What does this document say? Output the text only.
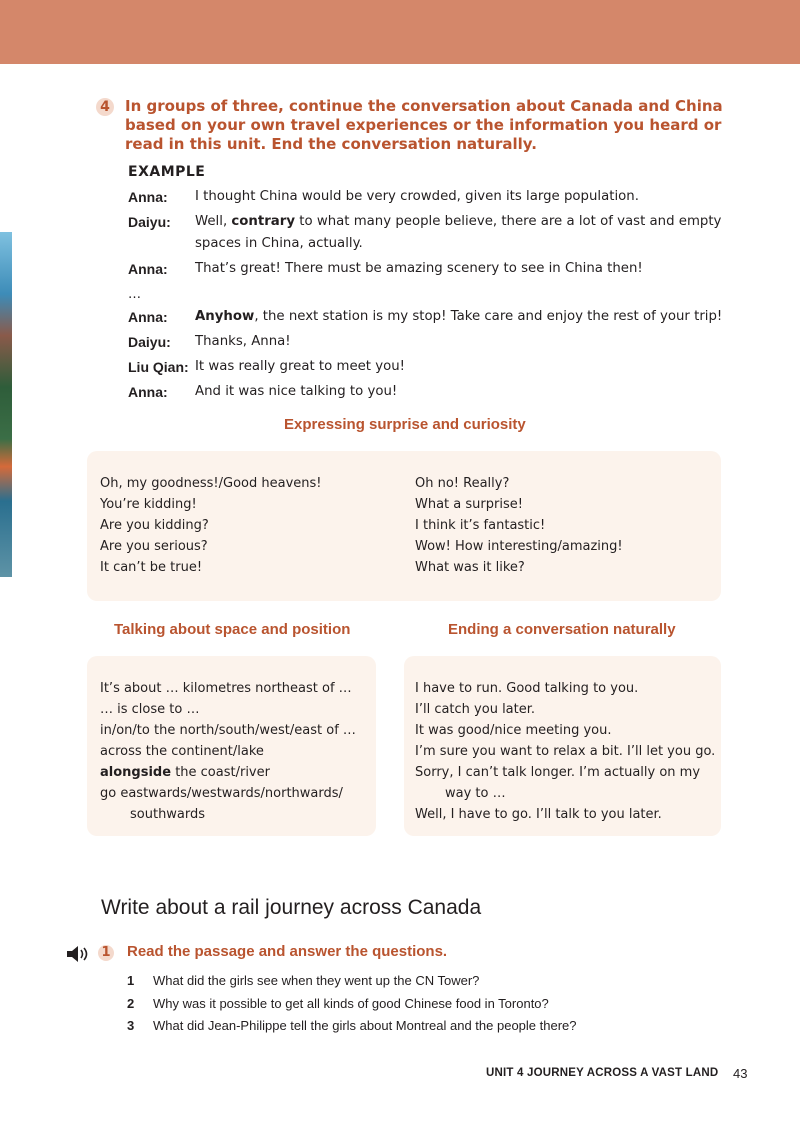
4 In groups of three, continue the conversation about Canada and China based on your own travel experiences or the information you heard or read in this unit. End the conversation naturally.
EXAMPLE
Anna: I thought China would be very crowded, given its large population.
Daiyu: Well, contrary to what many people believe, there are a lot of vast and empty spaces in China, actually.
Anna: That’s great! There must be amazing scenery to see in China then!
…
Anna: Anyhow, the next station is my stop! Take care and enjoy the rest of your trip!
Daiyu: Thanks, Anna!
Liu Qian: It was really great to meet you!
Anna: And it was nice talking to you!
Expressing surprise and curiosity
Oh, my goodness!/Good heavens!
You’re kidding!
Are you kidding?
Are you serious?
It can’t be true!
Oh no! Really?
What a surprise!
I think it’s fantastic!
Wow! How interesting/amazing!
What was it like?
Talking about space and position
It’s about … kilometres northeast of …
… is close to …
in/on/to the north/south/west/east of …
across the continent/lake
alongside the coast/river
go eastwards/westwards/northwards/
southwards
Ending a conversation naturally
I have to run. Good talking to you.
I’ll catch you later.
It was good/nice meeting you.
I’m sure you want to relax a bit. I’ll let you go.
Sorry, I can’t talk longer. I’m actually on my
way to …
Well, I have to go. I’ll talk to you later.
Write about a rail journey across Canada
1 Read the passage and answer the questions.
1 What did the girls see when they went up the CN Tower?
2 Why was it possible to get all kinds of good Chinese food in Toronto?
3 What did Jean-Philippe tell the girls about Montreal and the people there?
UNIT 4 JOURNEY ACROSS A VAST LAND 43
